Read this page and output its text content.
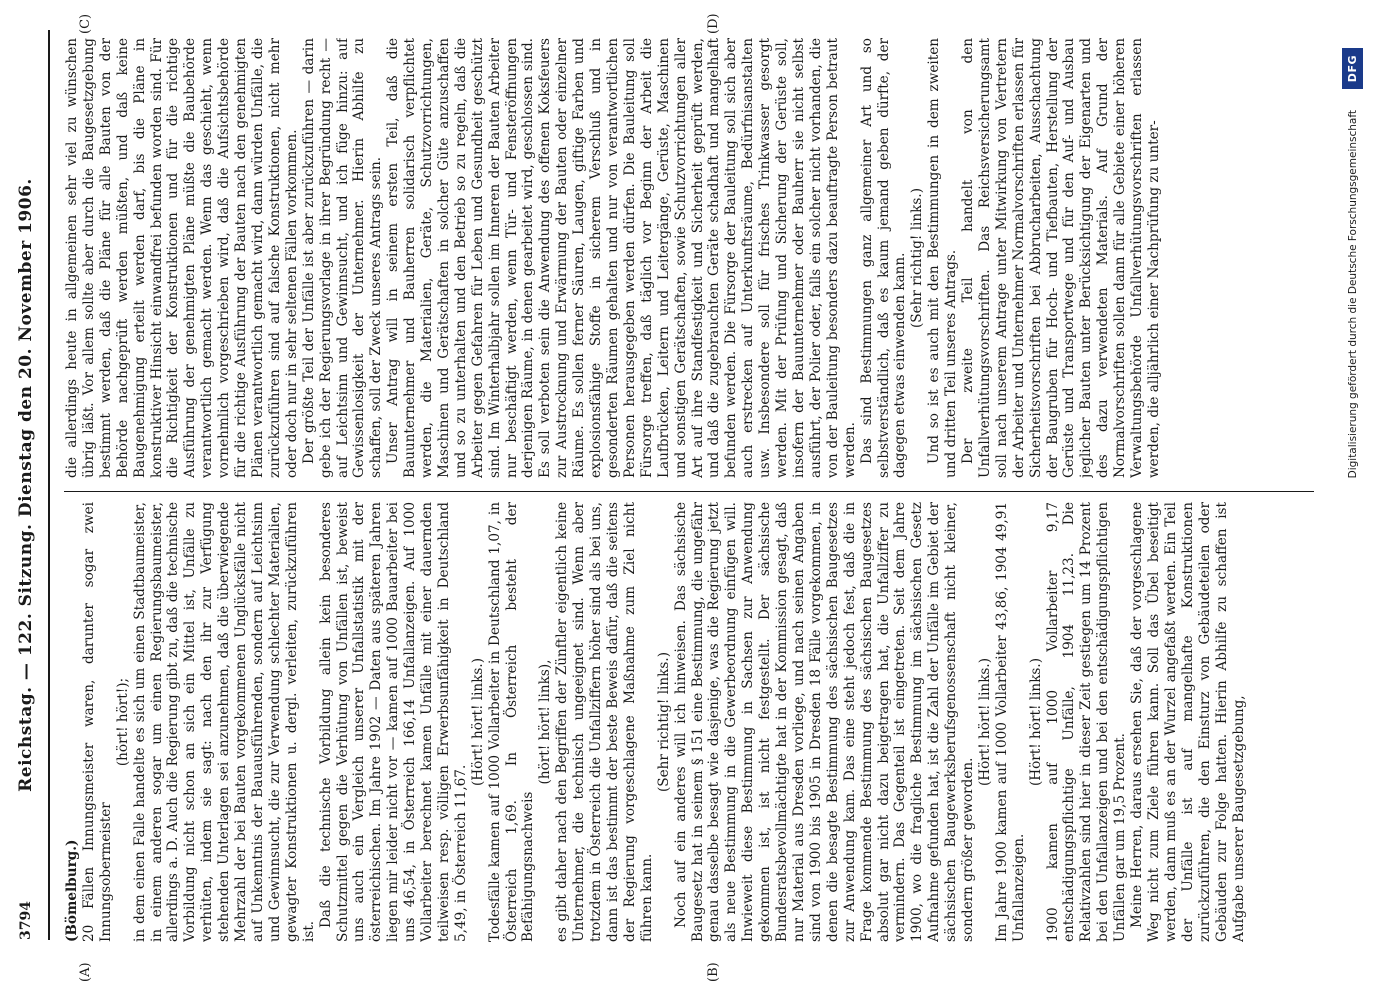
3794
Reichstag. — 122. Sitzung. Dienstag den 20. November 1906.
(A)	(B)
(C)	(D)

(Bömelburg.) 20 Fällen Innungsmeister waren, darunter sogar zwei Innungsobermeister

(hört! hört!); in dem einen Falle handelte es sich um einen Stadtbaumeister, in einem anderen sogar um einen Regierungsbaumeister, allerdings a. D. Auch die Regierung gibt zu, daß die technische Vorbildung nicht schon an sich ein Mittel ist, Unfälle zu verhüten, indem sie sagt: nach den ihr zur Verfügung stehenden Unterlagen sei anzunehmen, daß die überwiegende Mehrzahl der bei Bauten vorgekommenen Unglücksfälle nicht auf Unkenntnis der Bauausführenden, sondern auf Leichtsinn und Gewinnsucht, die zur Verwendung schlechter Materialien, gewagter Konstruktionen u. dergl. verleiten, zurückzuführen ist.

Daß die technische Vorbildung allein kein besonderes Schutzmittel gegen die Verhütung von Unfällen ist, beweist uns auch ein Vergleich unserer Unfallstatistik mit der österreichischen. Im Jahre 1902 — Daten aus späteren Jahren liegen mir leider nicht vor — kamen auf 1000 Bauarbeiter bei uns 46,54, in Österreich 166,14 Unfallanzeigen. Auf 1000 Vollarbeiter berechnet kamen Unfälle mit einer dauernden teilweisen resp. völligen Erwerbsunfähigkeit in Deutschland 5,49, in Österreich 11,67.

(Hört! hört! links.) Todesfälle kamen auf 1000 Vollarbeiter in Deutschland 1,07, in Österreich 1,69. In Österreich besteht der Befähigungsnachweis

(hört! hört! links), es gibt daher nach den Begriffen der Zünftler eigentlich keine Unternehmer, die technisch ungeeignet sind. Wenn aber trotzdem in Österreich die Unfallziffern höher sind als bei uns, dann ist das bestimmt der beste Beweis dafür, daß die seitens der Regierung vorgeschlagene Maßnahme zum Ziel nicht führen kann.

(Sehr richtig! links.) Noch auf ein anderes will ich hinweisen. Das sächsische Baugesetz hat in seinem § 151 eine Bestimmung, die ungefähr genau dasselbe besagt wie dasjenige, was die Regierung jetzt als neue Bestimmung in die Gewerbeordnung einfügen will. Inwieweit diese Bestimmung in Sachsen zur Anwendung gekommen ist, ist nicht festgestellt. Der sächsische Bundesratsbevollmächtigte hat in der Kommission gesagt, daß nur Material aus Dresden vorliege, und nach seinen Angaben sind von 1900 bis 1905 in Dresden 18 Fälle vorgekommen, in denen die besagte Bestimmung des sächsischen Baugesetzes zur Anwendung kam. Das eine steht jedoch fest, daß die in Frage kommende Bestimmung des sächsischen Baugesetzes absolut gar nicht dazu beigetragen hat, die Unfallziffer zu vermindern. Das Gegenteil ist eingetreten. Seit dem Jahre 1900, wo die fragliche Bestimmung im sächsischen Gesetz Aufnahme gefunden hat, ist die Zahl der Unfälle im Gebiet der sächsischen Baugewerksberufsgenossenschaft nicht kleiner, sondern größer geworden.

(Hört! hört! links.) Im Jahre 1900 kamen auf 1000 Vollarbeiter 43,86, 1904 49,91 Unfallanzeigen.

(Hört! hört! links.) 1900 kamen auf 1000 Vollarbeiter 9,17 entschädigungspflichtige Unfälle, 1904 11,23. Die Relativzahlen sind hier in dieser Zeit gestiegen um 14 Prozent bei den Unfallanzeigen und bei den entschädigungspflichtigen Unfällen gar um 19,5 Prozent. Meine Herren, daraus ersehen Sie, daß der vorgeschlagene Weg nicht zum Ziele führen kann. Soll das Übel beseitigt werden, dann muß es an der Wurzel angefaßt werden. Ein Teil der Unfälle ist auf mangelhafte Konstruktionen zurückzuführen, die den Einsturz von Gebäudeteilen oder Gebäuden zur Folge hatten. Hierin Abhilfe zu schaffen ist Aufgabe unserer Baugesetzgebung,

die allerdings heute in allgemeinen sehr viel zu wünschen übrig läßt. Vor allem sollte aber durch die Baugesetzgebung bestimmt werden, daß die Pläne für alle Bauten von der Behörde nachgeprüft werden müßten, und daß keine Baugenehmigung erteilt werden darf, bis die Pläne in konstruktiver Hinsicht einwandfrei befunden worden sind. Für die Richtigkeit der Konstruktionen und für die richtige Ausführung der genehmigten Pläne müßte die Baubehörde verantwortlich gemacht werden. Wenn das geschieht, wenn vornehmlich vorgeschrieben wird, daß die Aufsichtsbehörde für die richtige Ausführung der Bauten nach den genehmigten Plänen verantwortlich gemacht wird, dann würden Unfälle, die zurückzuführen sind auf falsche Konstruktionen, nicht mehr oder doch nur in sehr seltenen Fällen vorkommen. Der größte Teil der Unfälle ist aber zurückzuführen — darin gebe ich der Regierungsvorlage in ihrer Begründung recht — auf Leichtsinn und Gewinnsucht, und ich füge hinzu: auf Gewissenlosigkeit der Unternehmer. Hierin Abhilfe zu schaffen, soll der Zweck unseres Antrags sein. Unser Antrag will in seinem ersten Teil, daß die Bauunternehmer und Bauherren solidarisch verpflichtet werden, die Materialien, Geräte, Schutzvorrichtungen, Maschinen und Gerätschaften in solcher Güte anzuschaffen und so zu unterhalten und den Betrieb so zu regeln, daß die Arbeiter gegen Gefahren für Leben und Gesundheit geschützt sind. Im Winterhalbjahr sollen im Inneren der Bauten Arbeiter nur beschäftigt werden, wenn Tür- und Fensteröffnungen derjenigen Räume, in denen gearbeitet wird, geschlossen sind. Es soll verboten sein die Anwendung des offenen Koksfeuers zur Austrocknung und Erwärmung der Bauten oder einzelner Räume. Es sollen ferner Säuren, Laugen, giftige Farben und explosionsfähige Stoffe in sicherem Verschluß und in gesonderten Räumen gehalten und nur von verantwortlichen Personen herausgegeben werden dürfen. Die Bauleitung soll Fürsorge treffen, daß täglich vor Beginn der Arbeit die Laufbrücken, Leitern und Leitergänge, Gerüste, Maschinen und sonstigen Gerätschaften, sowie Schutzvorrichtungen aller Art auf ihre Standfestigkeit und Sicherheit geprüft werden, und daß die zugebrauchten Geräte schadhaft und mangelhaft befunden werden. Die Fürsorge der Bauleitung soll sich aber auch erstrecken auf Unterkunftsräume, Bedürfnisanstalten usw. Insbesondere soll für frisches Trinkwasser gesorgt werden. Mit der Prüfung und Sicherung der Gerüste soll, insofern der Bauunternehmer oder Bauherr sie nicht selbst ausführt, der Polier oder, falls ein solcher nicht vorhanden, die von der Bauleitung besonders dazu beauftragte Person betraut werden. Das sind Bestimmungen ganz allgemeiner Art und so selbstverständlich, daß es kaum jemand geben dürfte, der dagegen etwas einwenden kann. (Sehr richtig! links.) Und so ist es auch mit den Bestimmungen in dem zweiten und dritten Teil unseres Antrags. Der zweite Teil handelt von den Unfallverhütungsvorschriften. Das Reichsversicherungsamt soll nach unserem Antrage unter Mitwirkung von Vertretern der Arbeiter und Unternehmer Normalvorschriften erlassen für Sicherheitsvorschriften bei Abbrucharbeiten, Ausschachtung der Baugruben für Hoch- und Tiefbauten, Herstellung der Gerüste und Transportwege und für den Auf- und Ausbau jeglicher Bauten unter Berücksichtigung der Eigenarten und des dazu verwendeten Materials. Auf Grund der Normalvorschriften sollen dann für alle Gebiete einer höheren Verwaltungsbehörde Unfallverhütungsvorschriften erlassen werden, die alljährlich einer Nachprüfung zu unter-	Digitalisierung gefördert durch die Deutsche Forschungsgemeinschaft
DFG
